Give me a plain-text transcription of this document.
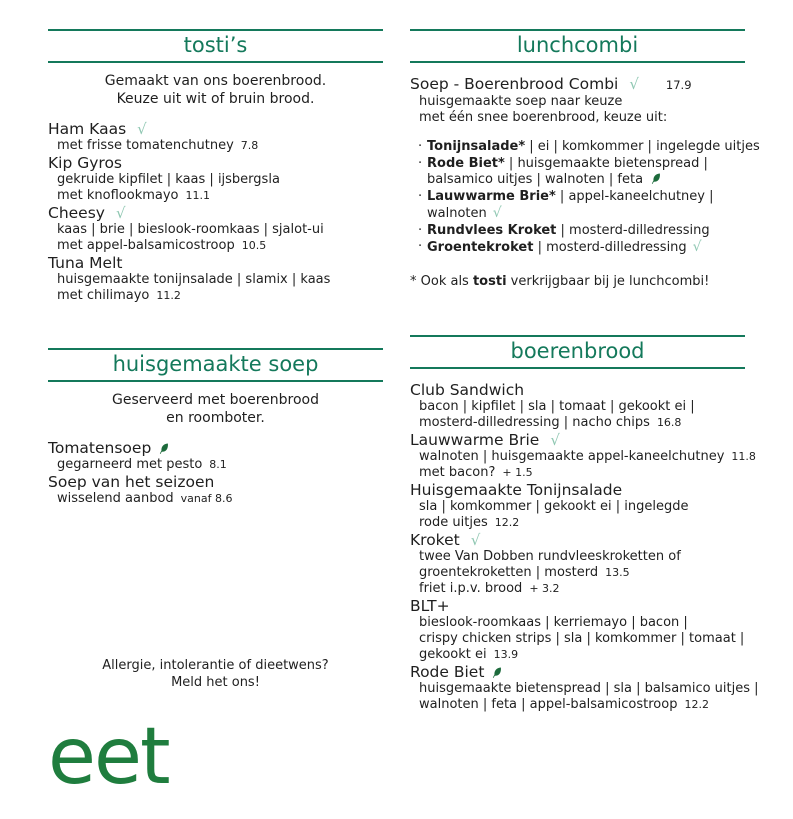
tosti’s

Gemaakt van ons boerenbrood.
Keuze uit wit of bruin brood.

Ham Kaas √
met frisse tomatenchutney 7.8
Kip Gyros
gekruide kipfilet | kaas | ijsbergsla
met knoflookmayo 11.1
Cheesy √
kaas | brie | bieslook-roomkaas | sjalot-ui
met appel-balsamicostroop 10.5
Tuna Melt
huisgemaakte tonijnsalade | slamix | kaas
met chilimayo 11.2
huisgemaakte soep

Geserveerd met boerenbrood
en roomboter.

Tomatensoep
gegarneerd met pesto 8.1
Soep van het seizoen
wisselend aanbod vanaf 8.6

Allergie, intolerantie of dieetwens?
Meld het ons!

eet
lunchcombi
Soep - Boerenbrood Combi √ 17.9
huisgemaakte soep naar keuze
met één snee boerenbrood, keuze uit:
· Tonijnsalade* | ei | komkommer | ingelegde uitjes
· Rode Biet* | huisgemaakte bietenspread |
balsamico uitjes | walnoten | feta
· Lauwwarme Brie* | appel-kaneelchutney |
walnoten √
· Rundvlees Kroket | mosterd-dilledressing
· Groentekroket | mosterd-dilledressing √
* Ook als tosti verkrijgbaar bij je lunchcombi!
boerenbrood
Club Sandwich
bacon | kipfilet | sla | tomaat | gekookt ei |
mosterd-dilledressing | nacho chips 16.8
Lauwwarme Brie √
walnoten | huisgemaakte appel-kaneelchutney 11.8
met bacon? + 1.5
Huisgemaakte Tonijnsalade
sla | komkommer | gekookt ei | ingelegde
rode uitjes 12.2
Kroket √
twee Van Dobben rundvleeskroketten of
groentekroketten | mosterd 13.5
friet i.p.v. brood + 3.2
BLT+
bieslook-roomkaas | kerriemayo | bacon |
crispy chicken strips | sla | komkommer | tomaat |
gekookt ei 13.9
Rode Biet
huisgemaakte bietenspread | sla | balsamico uitjes |
walnoten | feta | appel-balsamicostroop 12.2
